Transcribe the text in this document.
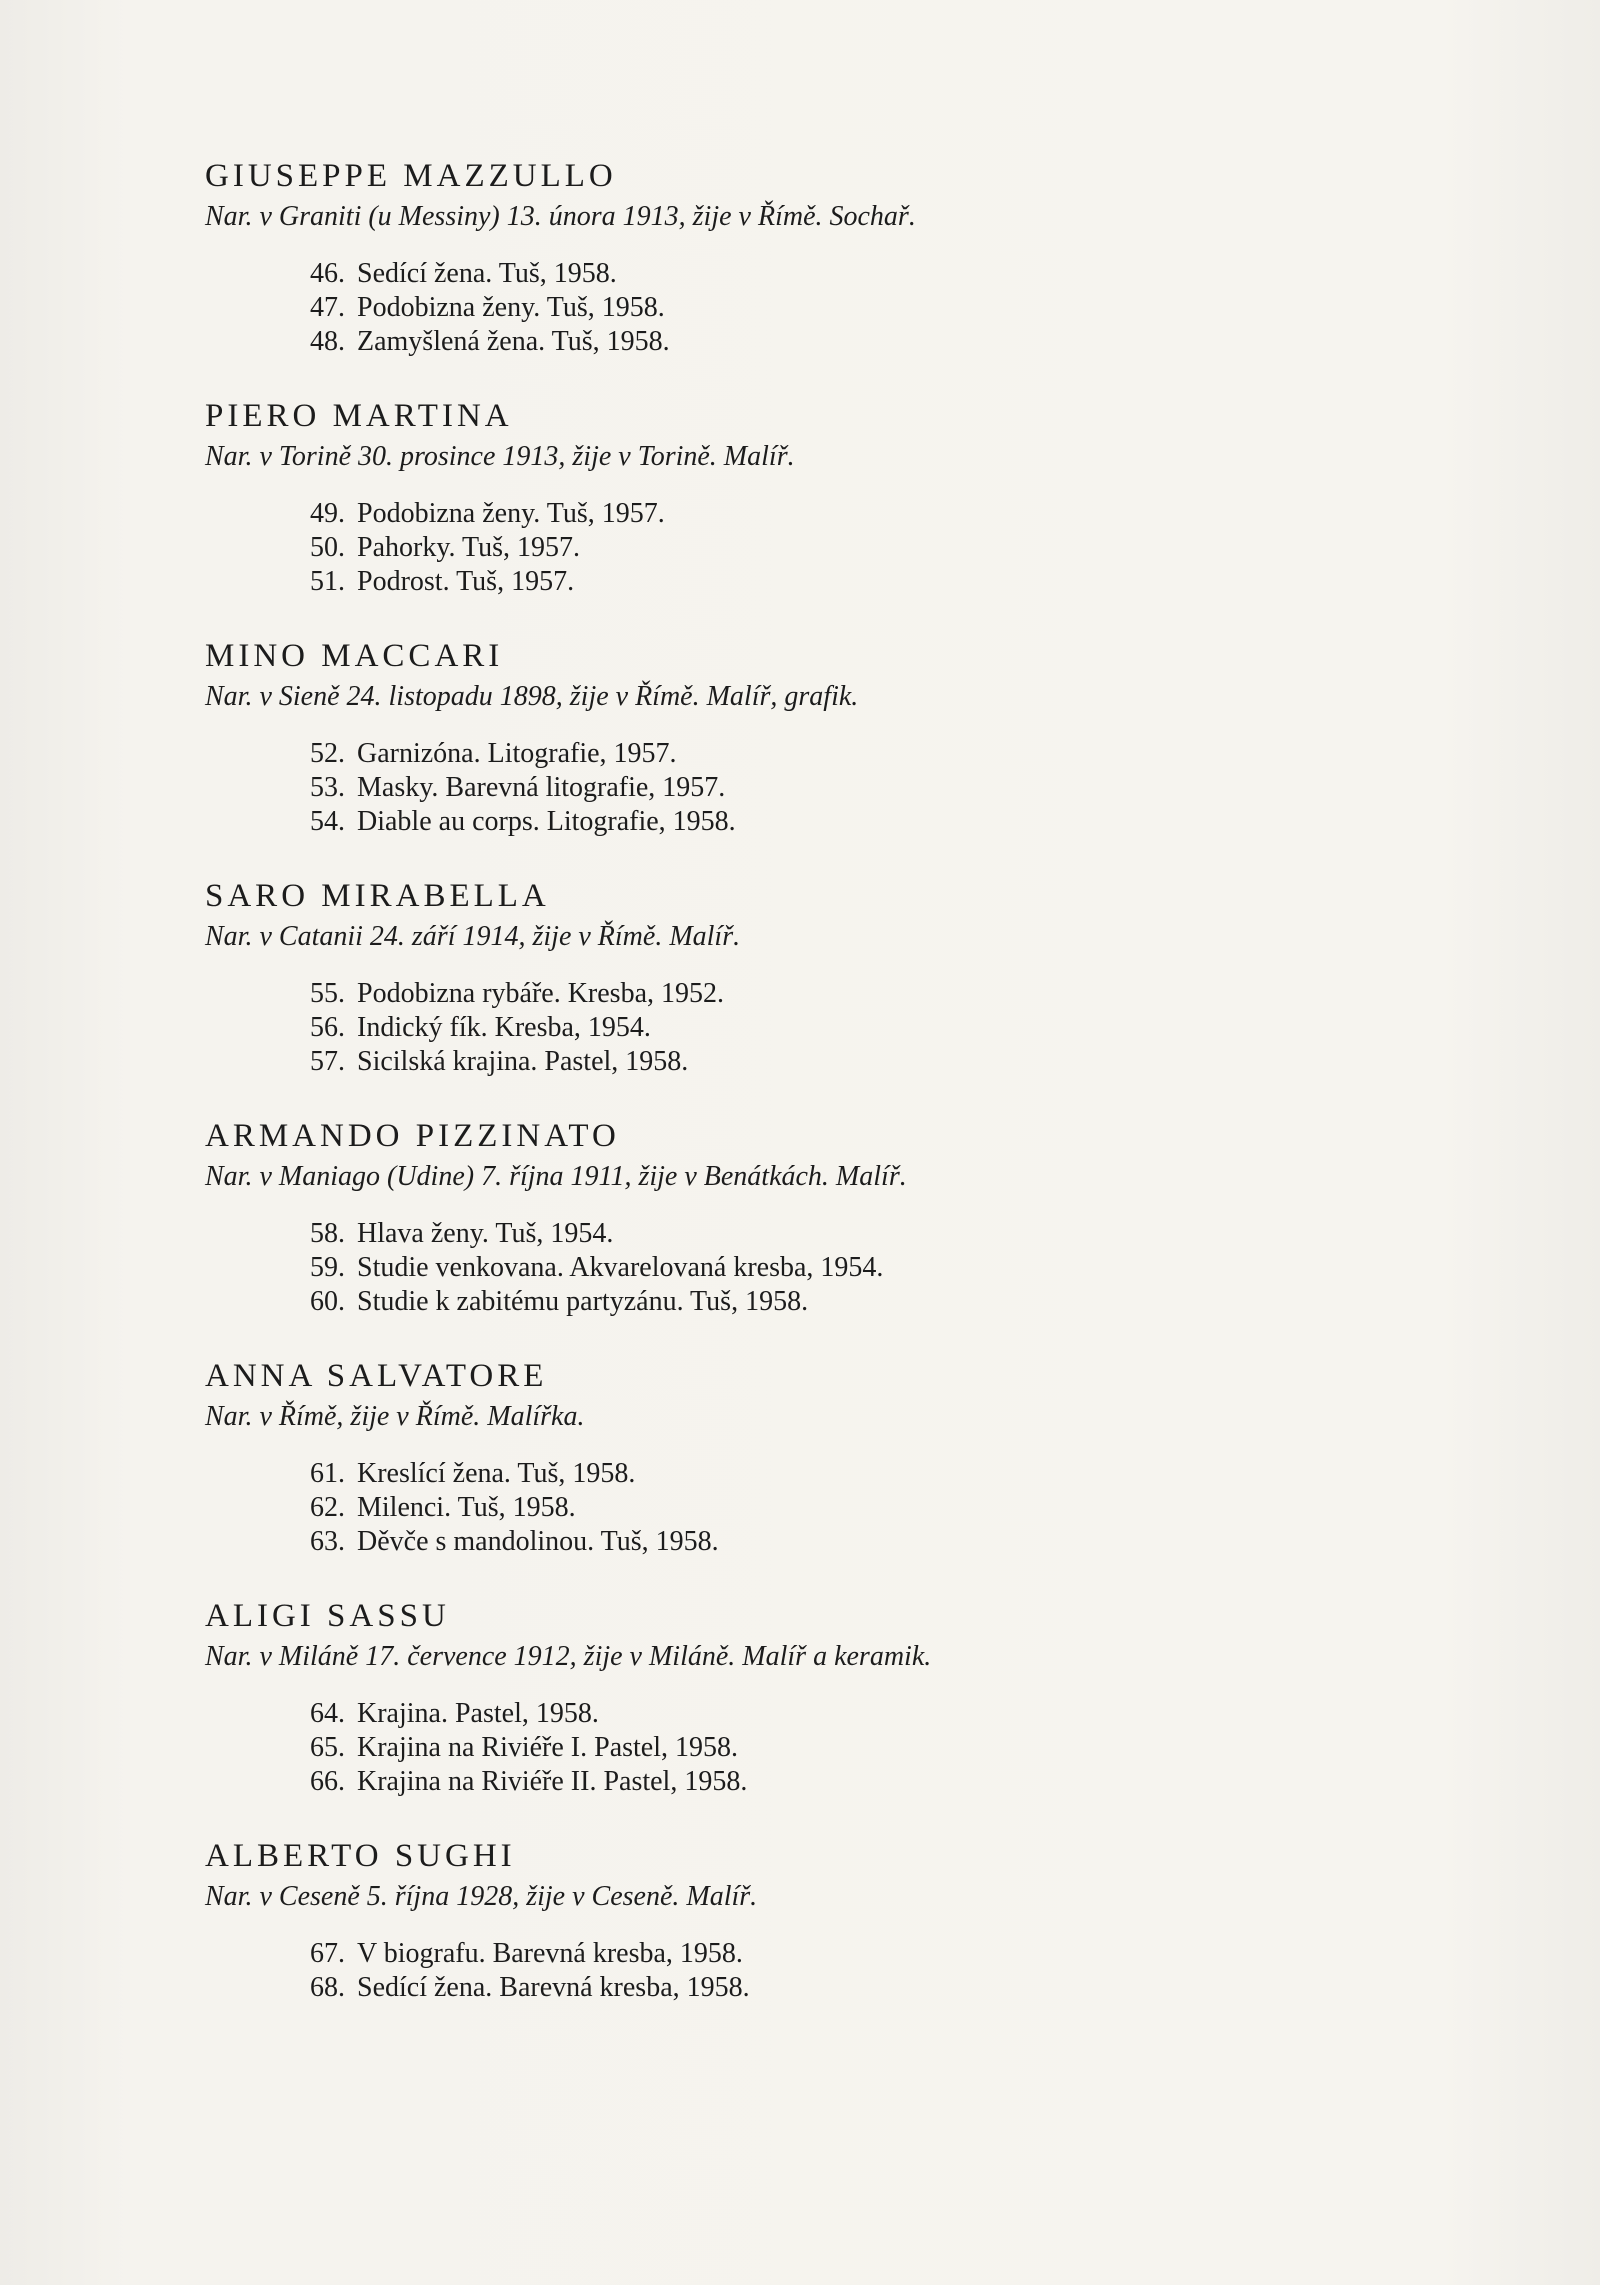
GIUSEPPE MAZZULLO
Nar. v Graniti (u Messiny) 13. února 1913, žije v Římě. Sochař.
46. Sedící žena. Tuš, 1958.
47. Podobizna ženy. Tuš, 1958.
48. Zamyšlená žena. Tuš, 1958.
PIERO MARTINA
Nar. v Torině 30. prosince 1913, žije v Torině. Malíř.
49. Podobizna ženy. Tuš, 1957.
50. Pahorky. Tuš, 1957.
51. Podrost. Tuš, 1957.
MINO MACCARI
Nar. v Sieně 24. listopadu 1898, žije v Římě. Malíř, grafik.
52. Garnizóna. Litografie, 1957.
53. Masky. Barevná litografie, 1957.
54. Diable au corps. Litografie, 1958.
SARO MIRABELLA
Nar. v Catanii 24. září 1914, žije v Římě. Malíř.
55. Podobizna rybáře. Kresba, 1952.
56. Indický fík. Kresba, 1954.
57. Sicilská krajina. Pastel, 1958.
ARMANDO PIZZINATO
Nar. v Maniago (Udine) 7. října 1911, žije v Benátkách. Malíř.
58. Hlava ženy. Tuš, 1954.
59. Studie venkovana. Akvarelovaná kresba, 1954.
60. Studie k zabitému partyzánu. Tuš, 1958.
ANNA SALVATORE
Nar. v Římě, žije v Římě. Malířka.
61. Kreslící žena. Tuš, 1958.
62. Milenci. Tuš, 1958.
63. Děvče s mandolinou. Tuš, 1958.
ALIGI SASSU
Nar. v Miláně 17. července 1912, žije v Miláně. Malíř a keramik.
64. Krajina. Pastel, 1958.
65. Krajina na Riviéře I. Pastel, 1958.
66. Krajina na Riviéře II. Pastel, 1958.
ALBERTO SUGHI
Nar. v Ceseně 5. října 1928, žije v Ceseně. Malíř.
67. V biografu. Barevná kresba, 1958.
68. Sedící žena. Barevná kresba, 1958.
